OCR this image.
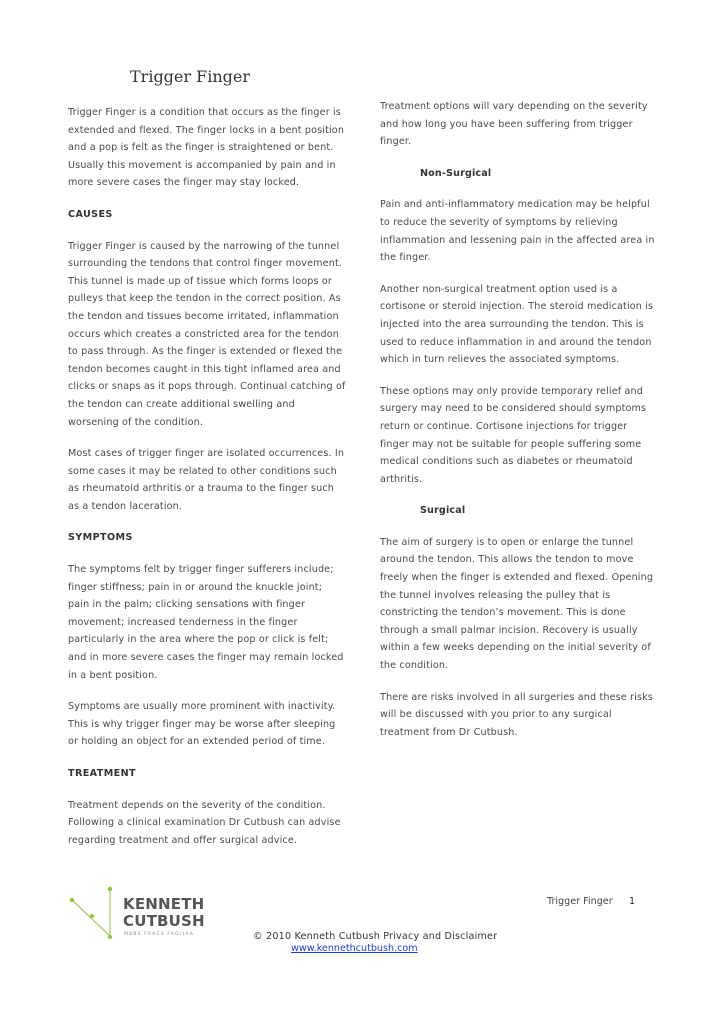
Trigger Finger

Trigger Finger is a condition that occurs as the finger is extended and flexed. The finger locks in a bent position and a pop is felt as the finger is straightened or bent. Usually this movement is accompanied by pain and in more severe cases the finger may stay locked.

CAUSES

Trigger Finger is caused by the narrowing of the tunnel surrounding the tendons that control finger movement. This tunnel is made up of tissue which forms loops or pulleys that keep the tendon in the correct position. As the tendon and tissues become irritated, inflammation occurs which creates a constricted area for the tendon to pass through. As the finger is extended or flexed the tendon becomes caught in this tight inflamed area and clicks or snaps as it pops through. Continual catching of the tendon can create additional swelling and worsening of the condition.

Most cases of trigger finger are isolated occurrences. In some cases it may be related to other conditions such as rheumatoid arthritis or a trauma to the finger such as a tendon laceration.

SYMPTOMS

The symptoms felt by trigger finger sufferers include; finger stiffness; pain in or around the knuckle joint; pain in the palm; clicking sensations with finger movement; increased tenderness in the finger particularly in the area where the pop or click is felt; and in more severe cases the finger may remain locked in a bent position.

Symptoms are usually more prominent with inactivity. This is why trigger finger may be worse after sleeping or holding an object for an extended period of time.

TREATMENT

Treatment depends on the severity of the condition. Following a clinical examination Dr Cutbush can advise regarding treatment and offer surgical advice.

Treatment options will vary depending on the severity and how long you have been suffering from trigger finger.

Non-Surgical

Pain and anti-inflammatory medication may be helpful to reduce the severity of symptoms by relieving inflammation and lessening pain in the affected area in the finger.

Another non-surgical treatment option used is a cortisone or steroid injection. The steroid medication is injected into the area surrounding the tendon. This is used to reduce inflammation in and around the tendon which in turn relieves the associated symptoms.

These options may only provide temporary relief and surgery may need to be considered should symptoms return or continue. Cortisone injections for trigger finger may not be suitable for people suffering some medical conditions such as diabetes or rheumatoid arthritis.

Surgical

The aim of surgery is to open or enlarge the tunnel around the tendon. This allows the tendon to move freely when the finger is extended and flexed. Opening the tunnel involves releasing the pulley that is constricting the tendon’s movement. This is done through a small palmar incision. Recovery is usually within a few weeks depending on the initial severity of the condition.

There are risks involved in all surgeries and these risks will be discussed with you prior to any surgical treatment from Dr Cutbush.

KENNETH
CUTBUSH
MBBS FRACS FAOrthA
Trigger Finger 1
© 2010 Kenneth Cutbush Privacy and Disclaimer
www.kennethcutbush.com
